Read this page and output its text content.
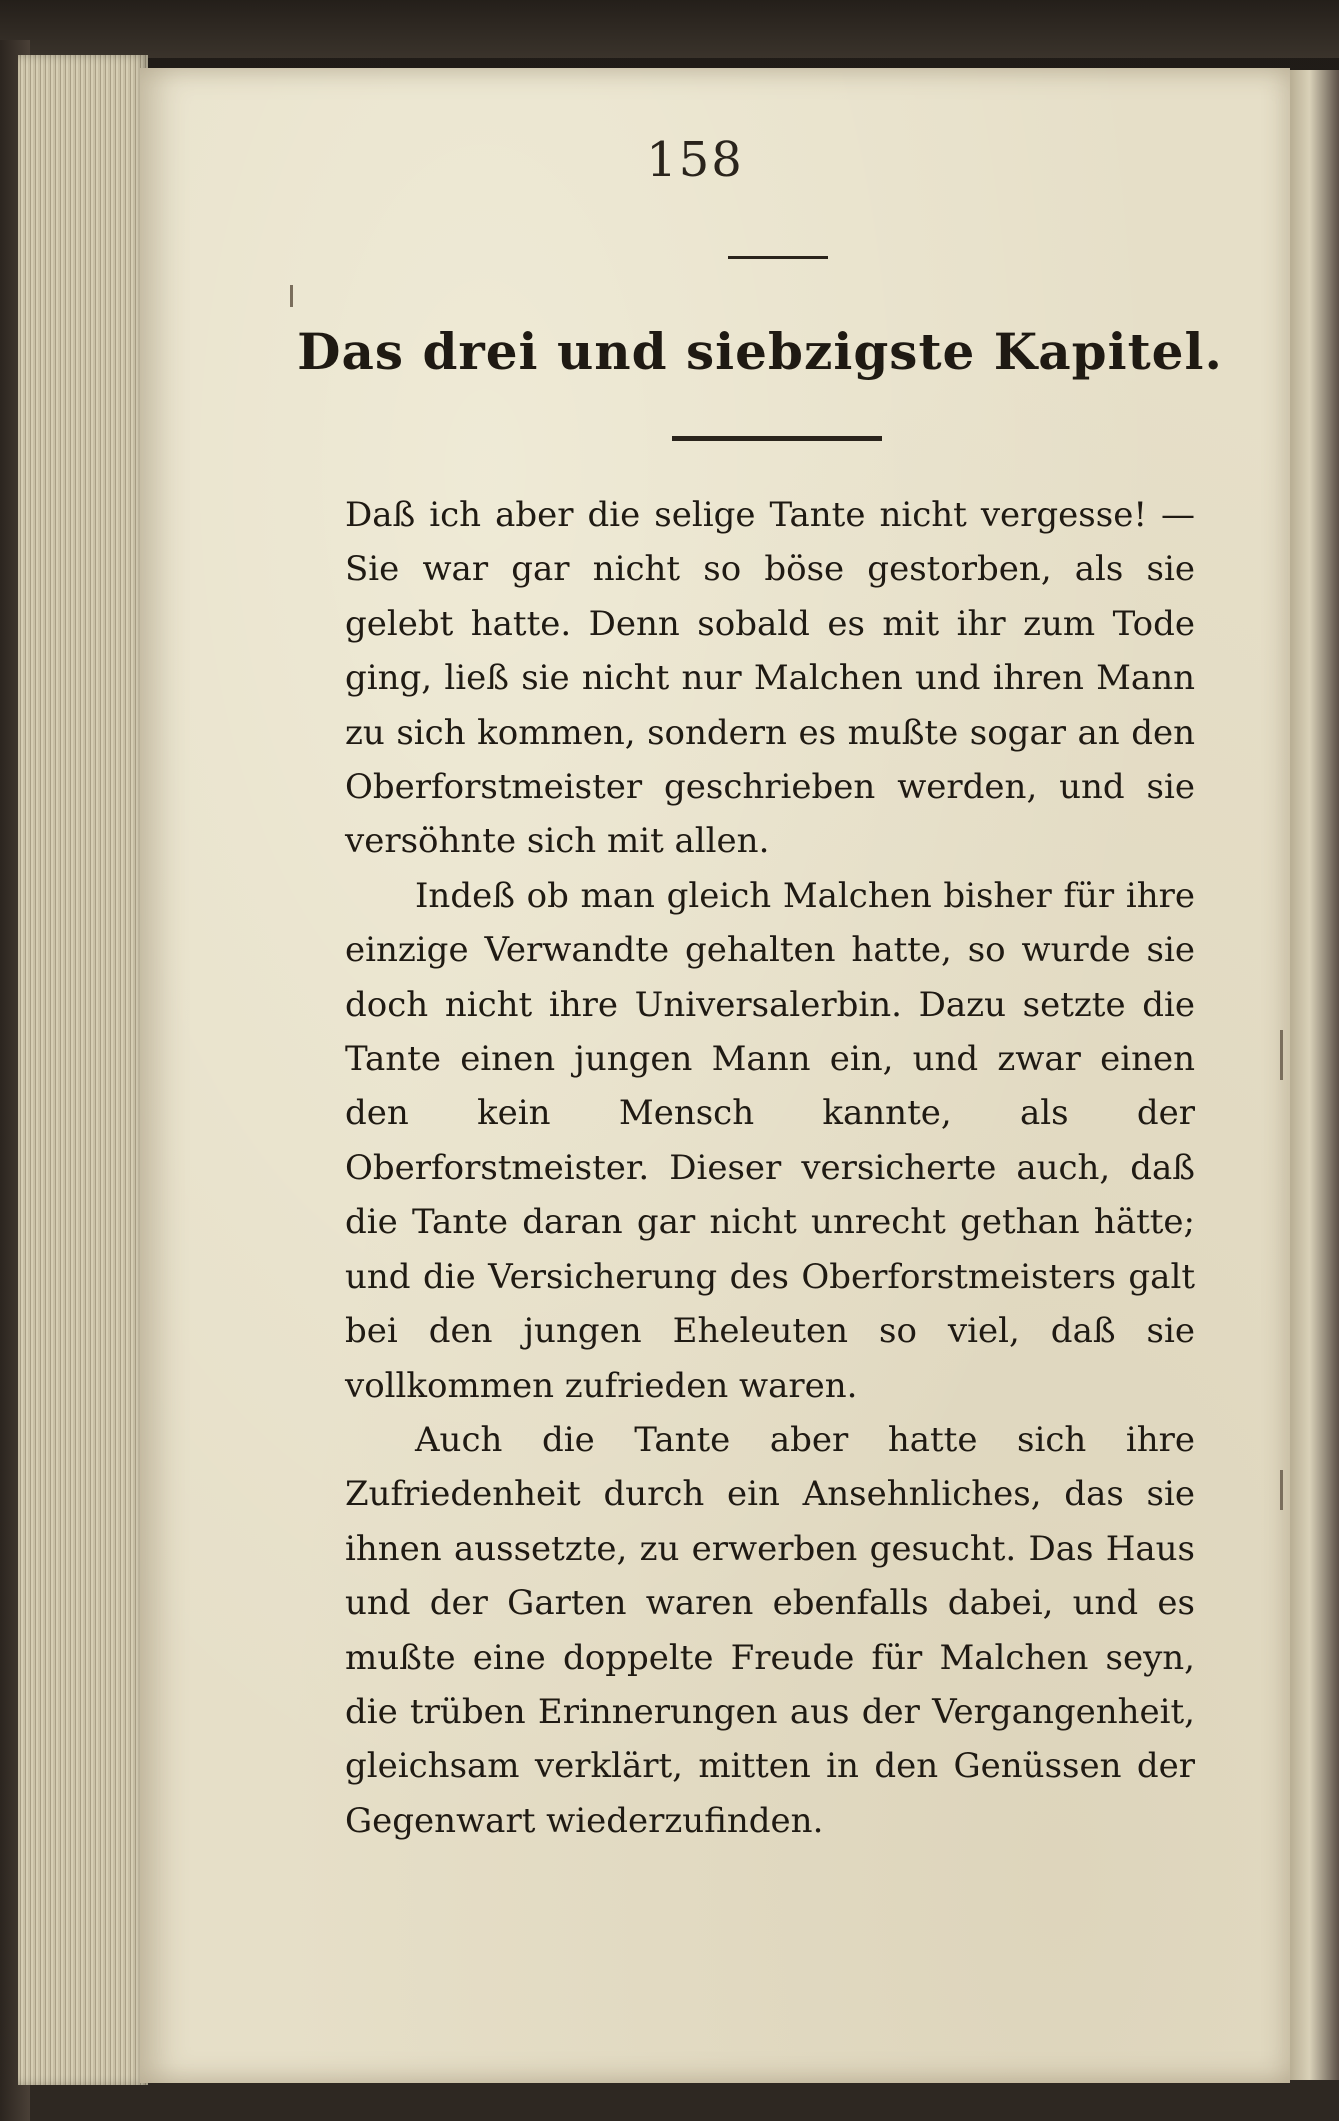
158
Das drei und siebzigste Kapitel.

Daß ich aber die selige Tante nicht vergesse! — Sie war gar nicht so böse gestorben, als sie gelebt hatte. Denn sobald es mit ihr zum Tode ging, ließ sie nicht nur Malchen und ihren Mann zu sich kommen, sondern es mußte sogar an den Oberforstmeister geschrieben werden, und sie versöhnte sich mit allen.

Indeß ob man gleich Malchen bisher für ihre einzige Verwandte gehalten hatte, so wurde sie doch nicht ihre Universalerbin. Dazu setzte die Tante einen jungen Mann ein, und zwar einen den kein Mensch kannte, als der Oberforstmeister. Dieser versicherte auch, daß die Tante daran gar nicht unrecht gethan hätte; und die Versicherung des Oberforstmeisters galt bei den jungen Eheleuten so viel, daß sie vollkommen zufrieden waren.

Auch die Tante aber hatte sich ihre Zufriedenheit durch ein Ansehnliches, das sie ihnen aussetzte, zu erwerben gesucht. Das Haus und der Garten waren ebenfalls dabei, und es mußte eine doppelte Freude für Malchen seyn, die trüben Erinnerungen aus der Vergangenheit, gleichsam verklärt, mitten in den Genüssen der Gegenwart wiederzufinden.
